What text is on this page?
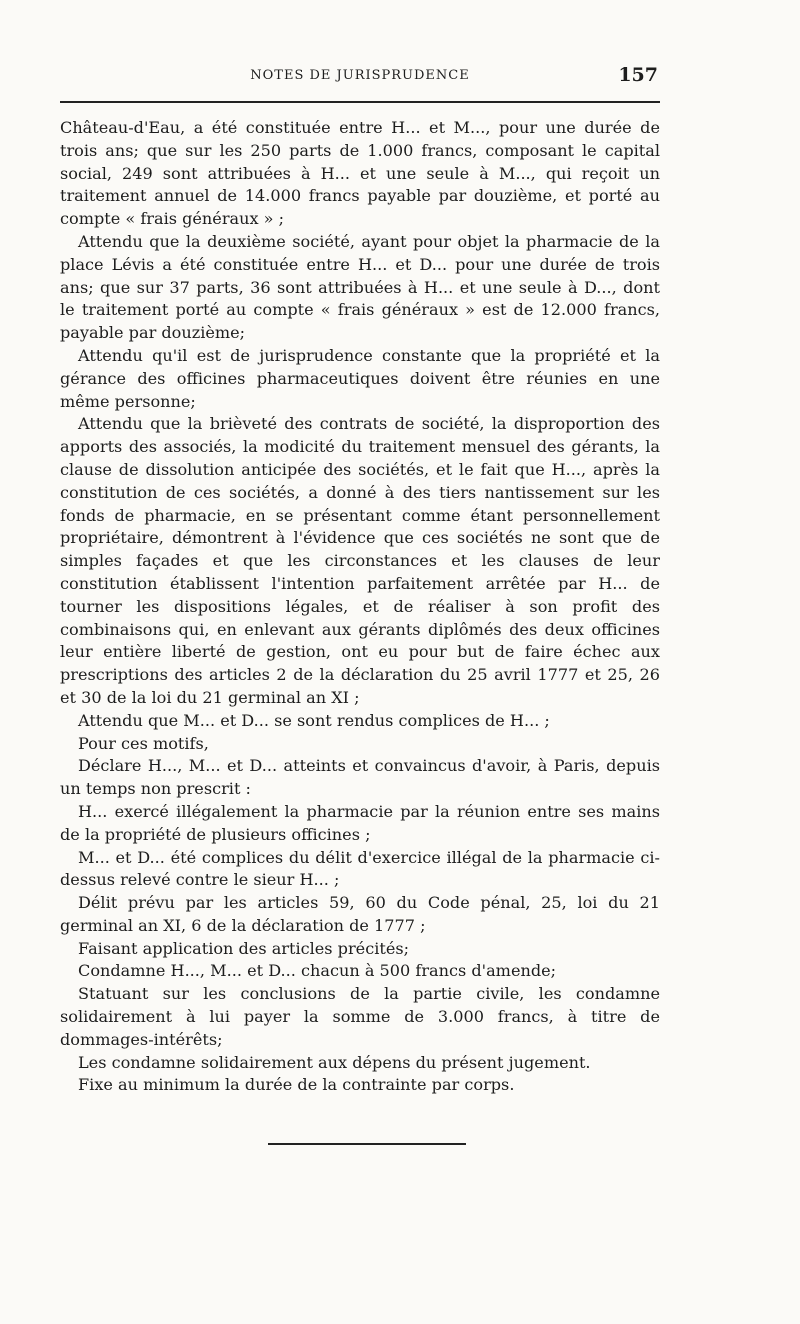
NOTES DE JURISPRUDENCE	157

Château-d'Eau, a été constituée entre H... et M..., pour une durée de trois ans; que sur les 250 parts de 1.000 francs, composant le capital social, 249 sont attribuées à H... et une seule à M..., qui reçoit un traitement annuel de 14.000 francs payable par douzième, et porté au compte « frais généraux » ;

Attendu que la deuxième société, ayant pour objet la pharmacie de la place Lévis a été constituée entre H... et D... pour une durée de trois ans; que sur 37 parts, 36 sont attribuées à H... et une seule à D..., dont le traitement porté au compte « frais généraux » est de 12.000 francs, payable par douzième;

Attendu qu'il est de jurisprudence constante que la propriété et la gérance des officines pharmaceutiques doivent être réunies en une même personne;

Attendu que la brièveté des contrats de société, la disproportion des apports des associés, la modicité du traitement mensuel des gérants, la clause de dissolution anticipée des sociétés, et le fait que H..., après la constitution de ces sociétés, a donné à des tiers nantissement sur les fonds de pharmacie, en se présentant comme étant personnellement propriétaire, démontrent à l'évidence que ces sociétés ne sont que de simples façades et que les circonstances et les clauses de leur constitution établissent l'intention parfaitement arrêtée par H... de tourner les dispositions légales, et de réaliser à son profit des combinaisons qui, en enlevant aux gérants diplômés des deux officines leur entière liberté de gestion, ont eu pour but de faire échec aux prescriptions des articles 2 de la déclaration du 25 avril 1777 et 25, 26 et 30 de la loi du 21 germinal an XI ;

Attendu que M... et D... se sont rendus complices de H... ;

Pour ces motifs,

Déclare H..., M... et D... atteints et convaincus d'avoir, à Paris, depuis un temps non prescrit :

H... exercé illégalement la pharmacie par la réunion entre ses mains de la propriété de plusieurs officines ;

M... et D... été complices du délit d'exercice illégal de la pharmacie ci-dessus relevé contre le sieur H... ;

Délit prévu par les articles 59, 60 du Code pénal, 25, loi du 21 germinal an XI, 6 de la déclaration de 1777 ;

Faisant application des articles précités;

Condamne H..., M... et D... chacun à 500 francs d'amende;

Statuant sur les conclusions de la partie civile, les condamne solidairement à lui payer la somme de 3.000 francs, à titre de dommages-intérêts;

Les condamne solidairement aux dépens du présent jugement.

Fixe au minimum la durée de la contrainte par corps.
